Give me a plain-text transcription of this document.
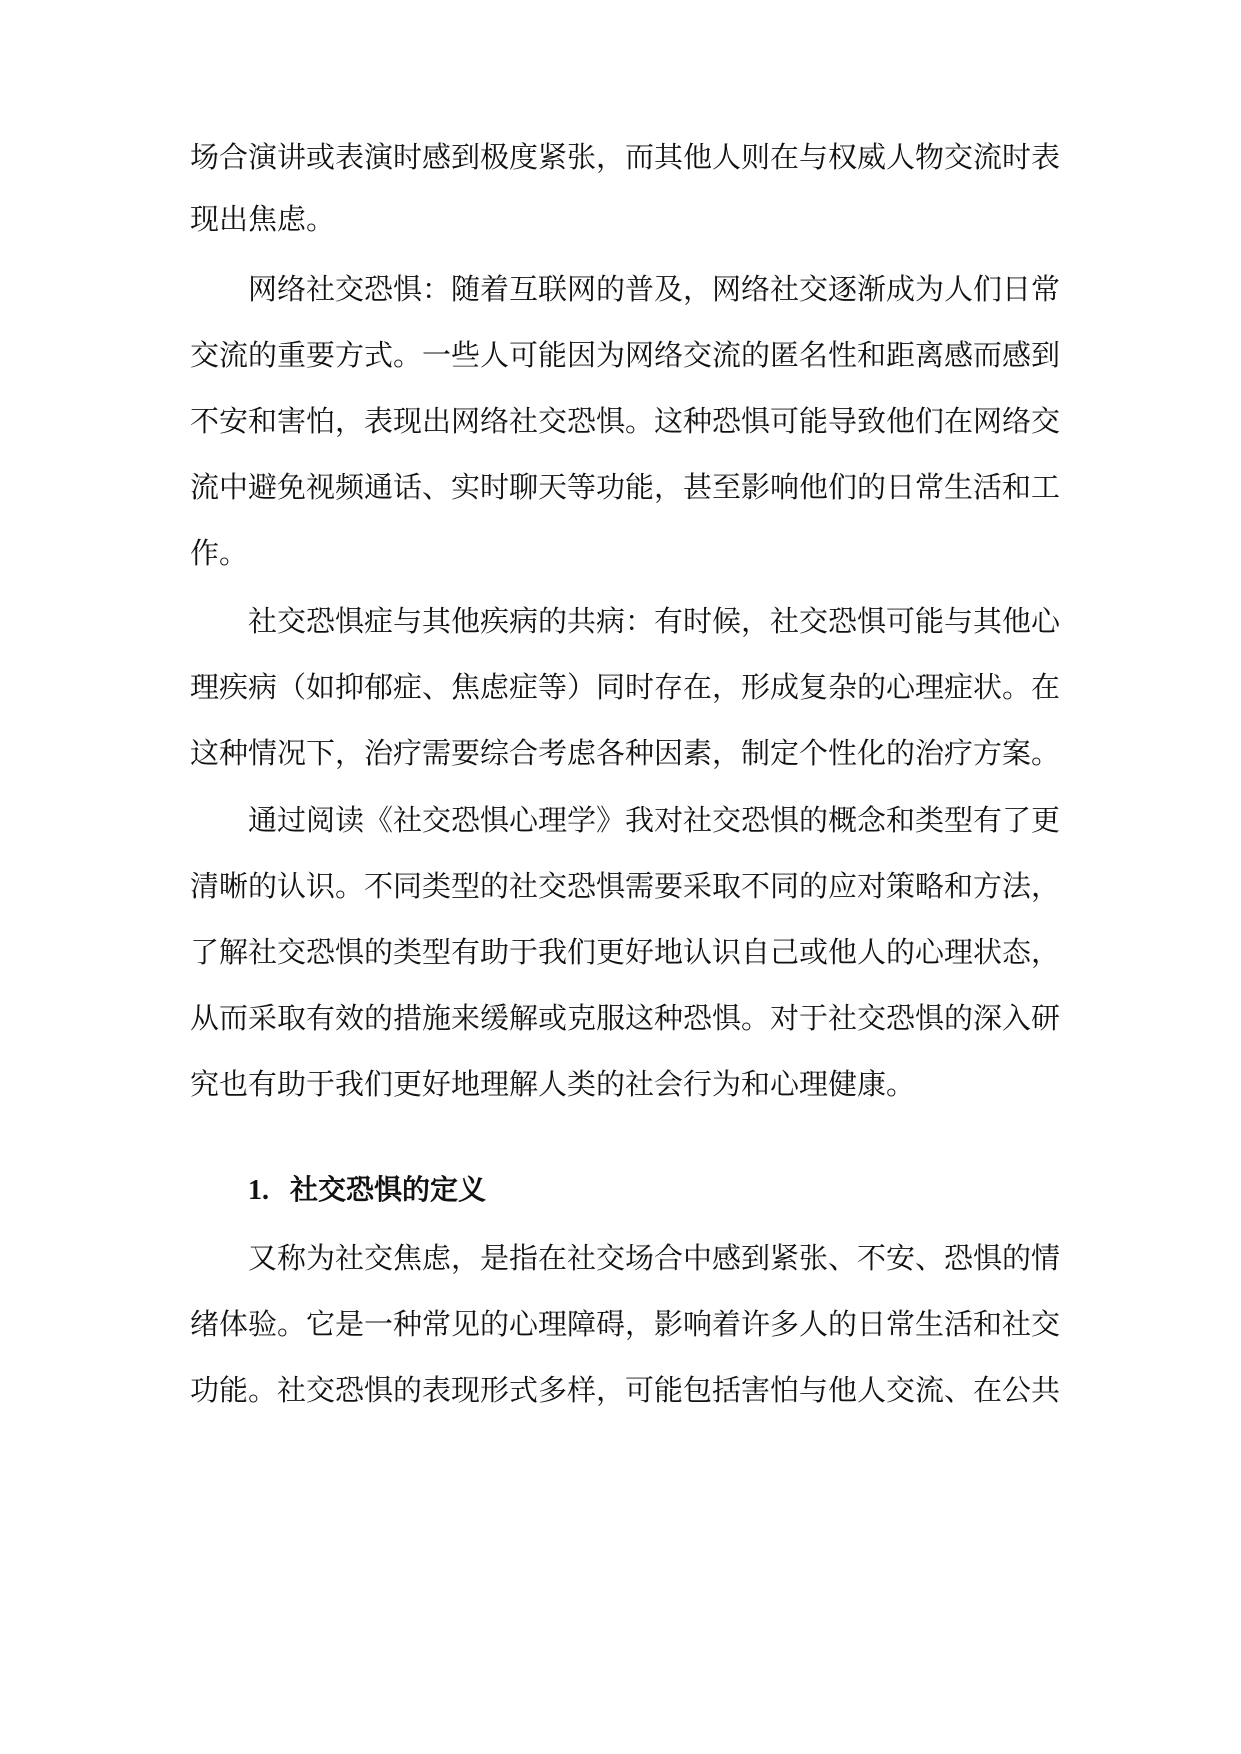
场合演讲或表演时感到极度紧张，而其他人则在与权威人物交流时表
现出焦虑。
网络社交恐惧：随着互联网的普及，网络社交逐渐成为人们日常
交流的重要方式。一些人可能因为网络交流的匿名性和距离感而感到
不安和害怕，表现出网络社交恐惧。这种恐惧可能导致他们在网络交
流中避免视频通话、实时聊天等功能，甚至影响他们的日常生活和工
作。
社交恐惧症与其他疾病的共病：有时候，社交恐惧可能与其他心
理疾病（如抑郁症、焦虑症等）同时存在，形成复杂的心理症状。在
这种情况下，治疗需要综合考虑各种因素，制定个性化的治疗方案。
通过阅读《社交恐惧心理学》我对社交恐惧的概念和类型有了更
清晰的认识。不同类型的社交恐惧需要采取不同的应对策略和方法，
了解社交恐惧的类型有助于我们更好地认识自己或他人的心理状态，
从而采取有效的措施来缓解或克服这种恐惧。对于社交恐惧的深入研
究也有助于我们更好地理解人类的社会行为和心理健康。
1. 社交恐惧的定义
又称为社交焦虑，是指在社交场合中感到紧张、不安、恐惧的情
绪体验。它是一种常见的心理障碍，影响着许多人的日常生活和社交
功能。社交恐惧的表现形式多样，可能包括害怕与他人交流、在公共
